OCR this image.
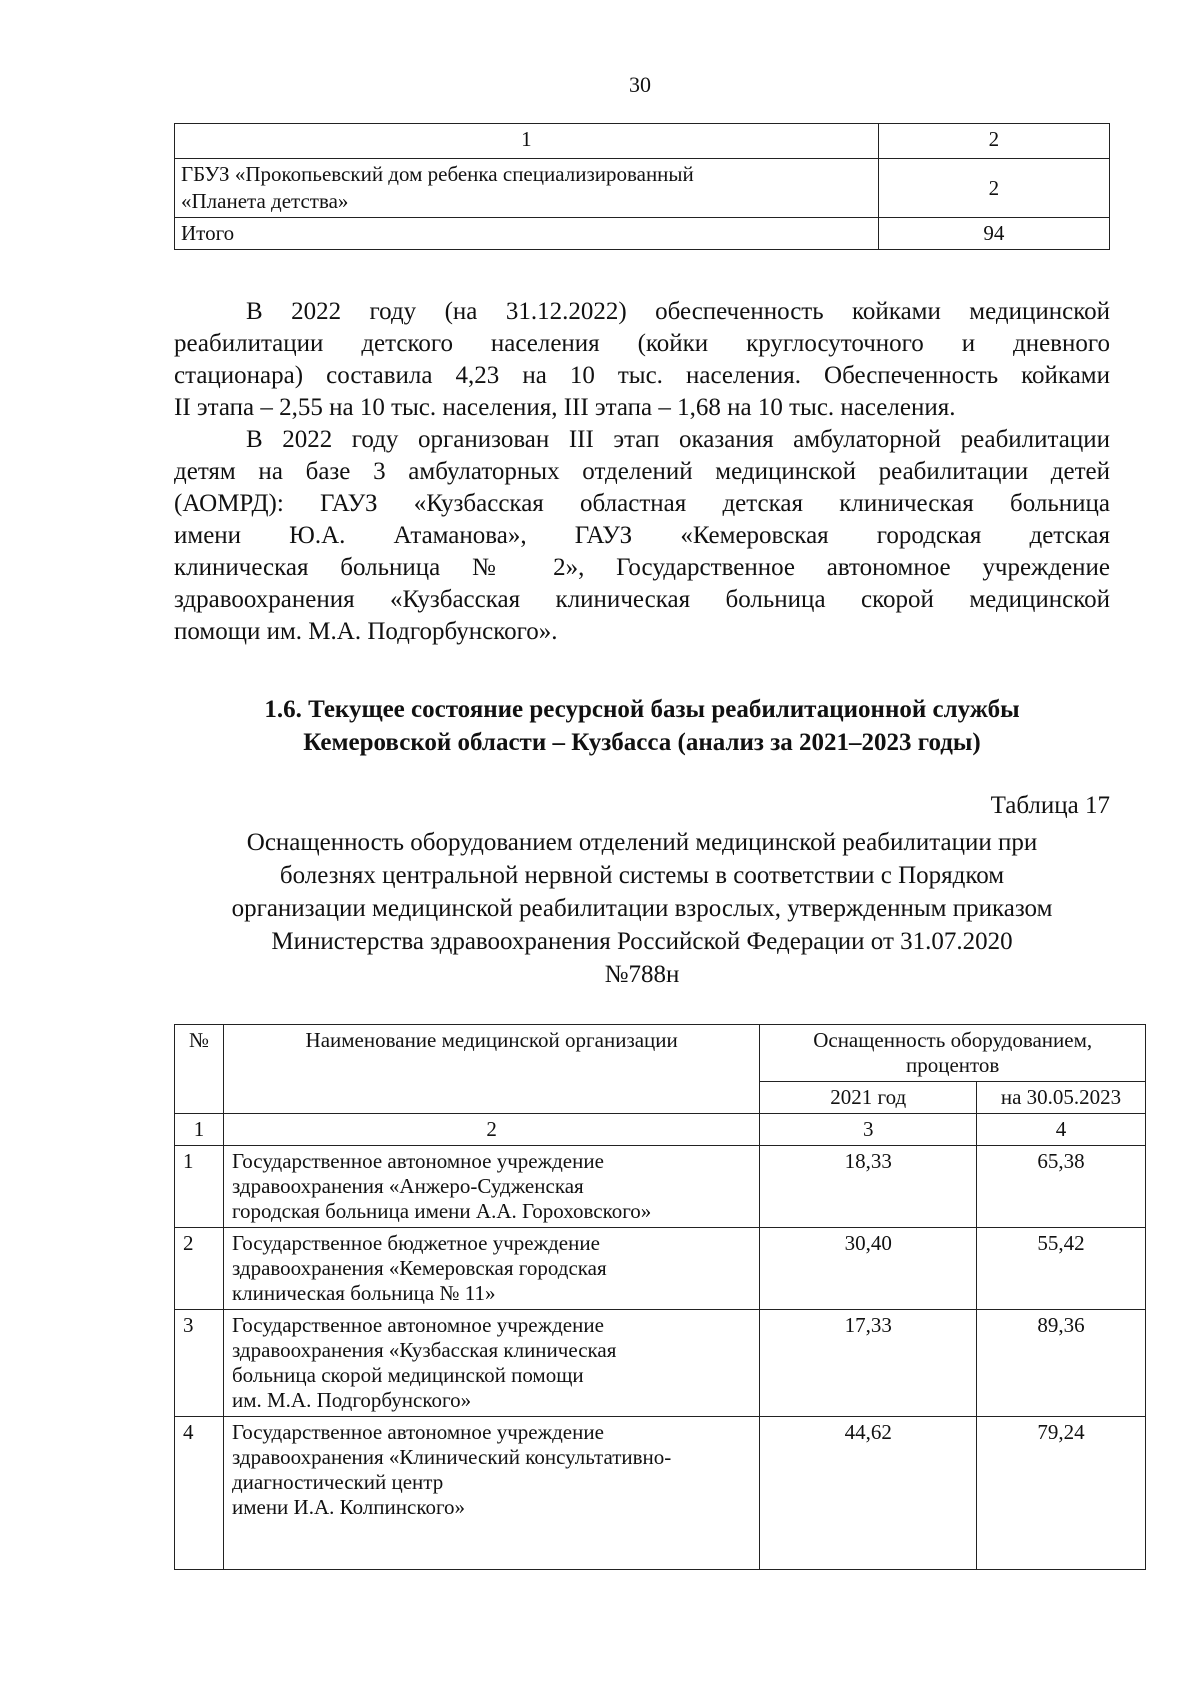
30
1	2

ГБУЗ «Прокопьевский дом ребенка специализированный
«Планета детства»	2
Итого	94
В 2022 году (на 31.12.2022) обеспеченность койками медицинской
реабилитации детского населения (койки круглосуточного и дневного
стационара) составила 4,23 на 10 тыс. населения. Обеспеченность койками
II этапа – 2,55 на 10 тыс. населения, III этапа – 1,68 на 10 тыс. населения.
В 2022 году организован III этап оказания амбулаторной реабилитации
детям на базе 3 амбулаторных отделений медицинской реабилитации детей
(АОМРД): ГАУЗ «Кузбасская областная детская клиническая больница
имени Ю.А. Атаманова», ГАУЗ «Кемеровская городская детская
клиническая больница № 2», Государственное автономное учреждение
здравоохранения «Кузбасская клиническая больница скорой медицинской
помощи им. М.А. Подгорбунского».
1.6. Текущее состояние ресурсной базы реабилитационной службы
Кемеровской области – Кузбасса (анализ за 2021–2023 годы)
Таблица 17
Оснащенность оборудованием отделений медицинской реабилитации при
болезнях центральной нервной системы в соответствии с Порядком
организации медицинской реабилитации взрослых, утвержденным приказом
Министерства здравоохранения Российской Федерации от 31.07.2020
№788н
№	Наименование медицинской организации	Оснащенность оборудованием, процентов	
		2021 год	на 30.05.2023
1	2	3	4
1	Государственное автономное учреждение
здравоохранения «Анжеро-Судженская
городская больница имени А.А. Гороховского»	18,33	65,38
2	Государственное бюджетное учреждение
здравоохранения «Кемеровская городская
клиническая больница № 11»	30,40	55,42
3	Государственное автономное учреждение
здравоохранения «Кузбасская клиническая
больница скорой медицинской помощи
им. М.А. Подгорбунского»	17,33	89,36
4	Государственное автономное учреждение
здравоохранения «Клинический консультативно-
диагностический центр
имени И.А. Колпинского»	44,62	79,24
